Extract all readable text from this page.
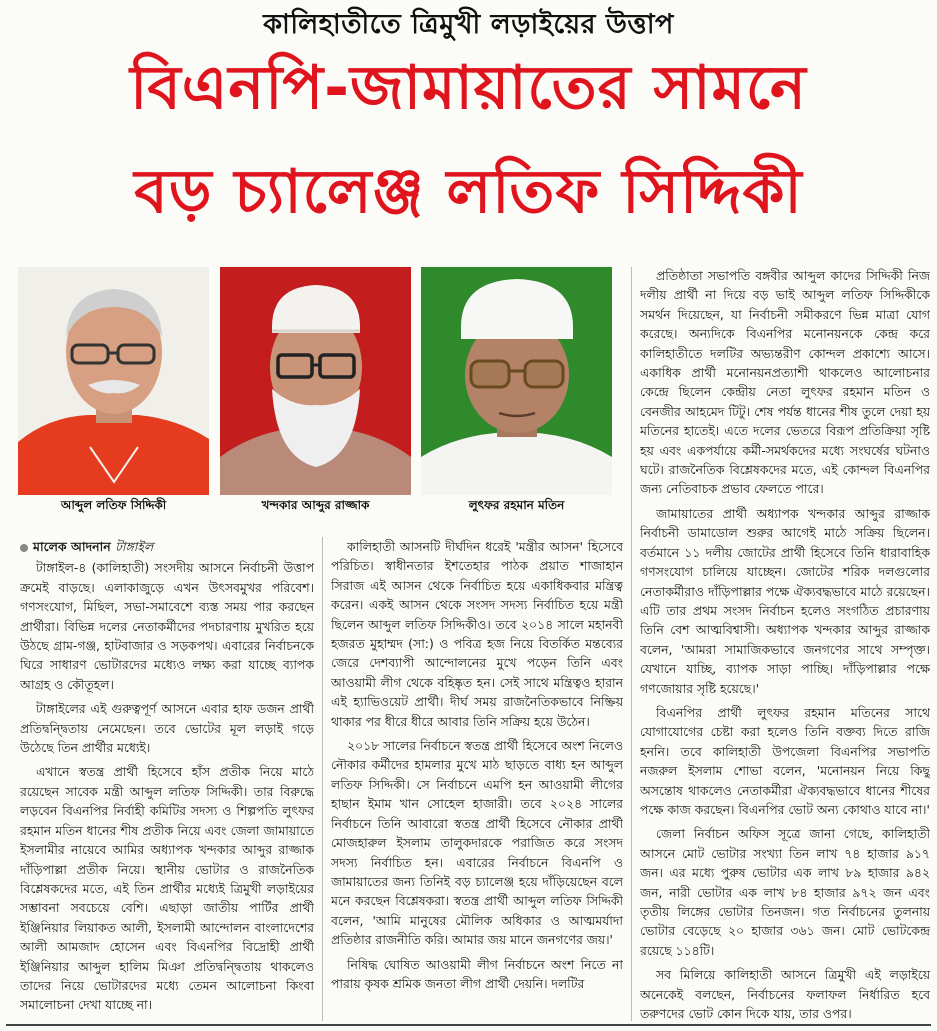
কালিহাতীতে ত্রিমুখী লড়াইয়ের উত্তাপ
বিএনপি-জামায়াতের সামনে
বড় চ্যালেঞ্জ লতিফ সিদ্দিকী
আব্দুল লতিফ সিদ্দিকী	খন্দকার আব্দুর রাজ্জাক	লুৎফর রহমান মতিন
মালেক আদনান টাঙ্গাইল

টাঙ্গাইল-৪ (কালিহাতী) সংসদীয় আসনে নির্বাচনী উত্তাপ ক্রমেই বাড়ছে। এলাকাজুড়ে এখন উৎসবমুখর পরিবেশ। গণসংযোগ, মিছিল, সভা-সমাবেশে ব্যস্ত সময় পার করছেন প্রার্থীরা। বিভিন্ন দলের নেতাকর্মীদের পদচারণায় মুখরিত হয়ে উঠছে গ্রাম-গঞ্জ, হাটবাজার ও সড়কপথ। এবারের নির্বাচনকে ঘিরে সাধারণ ভোটারদের মধ্যেও লক্ষ্য করা যাচ্ছে ব্যাপক আগ্রহ ও কৌতূহল।

টাঙ্গাইলের এই গুরুত্বপূর্ণ আসনে এবার হাফ ডজন প্রার্থী প্রতিদ্বন্দ্বিতায় নেমেছেন। তবে ভোটের মূল লড়াই গড়ে উঠেছে তিন প্রার্থীর মধ্যেই।

এখানে স্বতন্ত্র প্রার্থী হিসেবে হাঁস প্রতীক নিয়ে মাঠে রয়েছেন সাবেক মন্ত্রী আব্দুল লতিফ সিদ্দিকী। তার বিরুদ্ধে লড়বেন বিএনপির নির্বাহী কমিটির সদস্য ও শিল্পপতি লুৎফর রহমান মতিন ধানের শীষ প্রতীক নিয়ে এবং জেলা জামায়াতে ইসলামীর নায়েবে আমির অধ্যাপক খন্দকার আব্দুর রাজ্জাক দাঁড়িপাল্লা প্রতীক নিয়ে। স্থানীয় ভোটার ও রাজনৈতিক বিশ্লেষকদের মতে, এই তিন প্রার্থীর মধ্যেই ত্রিমুখী লড়াইয়ের সম্ভাবনা সবচেয়ে বেশি। এছাড়া জাতীয় পার্টির প্রার্থী ইঞ্জিনিয়ার লিয়াকত আলী, ইসলামী আন্দোলন বাংলাদেশের আলী আমজাদ হোসেন এবং বিএনপির বিদ্রোহী প্রার্থী ইঞ্জিনিয়ার আব্দুল হালিম মিঞা প্রতিদ্বন্দ্বিতায় থাকলেও তাদের নিয়ে ভোটারদের মধ্যে তেমন আলোচনা কিংবা সমালোচনা দেখা যাচ্ছে না।

কালিহাতী আসনটি দীর্ঘদিন ধরেই 'মন্ত্রীর আসন' হিসেবে পরিচিত। স্বাধীনতার ইশতেহার পাঠক প্রয়াত শাজাহান সিরাজ এই আসন থেকে নির্বাচিত হয়ে একাধিকবার মন্ত্রিত্ব করেন। একই আসন থেকে সংসদ সদস্য নির্বাচিত হয়ে মন্ত্রী ছিলেন আব্দুল লতিফ সিদ্দিকীও। তবে ২০১৪ সালে মহানবী হজরত মুহাম্মদ (সা:) ও পবিত্র হজ নিয়ে বিতর্কিত মন্তব্যের জেরে দেশব্যাপী আন্দোলনের মুখে পড়েন তিনি এবং আওয়ামী লীগ থেকে বহিষ্কৃত হন। সেই সাথে মন্ত্রিত্বও হারান এই হ্যাভিওয়েট প্রার্থী। দীর্ঘ সময় রাজনৈতিকভাবে নিষ্ক্রিয় থাকার পর ধীরে ধীরে আবার তিনি সক্রিয় হয়ে উঠেন।

২০১৮ সালের নির্বাচনে স্বতন্ত্র প্রার্থী হিসেবে অংশ নিলেও নৌকার কর্মীদের হামলার মুখে মাঠ ছাড়তে বাধ্য হন আব্দুল লতিফ সিদ্দিকী। সে নির্বাচনে এমপি হন আওয়ামী লীগের হাছান ইমাম খান সোহেল হাজারী। তবে ২০২৪ সালের নির্বাচনে তিনি আবারো স্বতন্ত্র প্রার্থী হিসেবে নৌকার প্রার্থী মোজহারুল ইসলাম তালুকদারকে পরাজিত করে সংসদ সদস্য নির্বাচিত হন। এবারের নির্বাচনে বিএনপি ও জামায়াতের জন্য তিনিই বড় চ্যালেঞ্জ হয়ে দাঁড়িয়েছেন বলে মনে করছেন বিশ্লেষকরা। স্বতন্ত্র প্রার্থী আব্দুল লতিফ সিদ্দিকী বলেন, 'আমি মানুষের মৌলিক অধিকার ও আত্মমর্যাদা প্রতিষ্ঠার রাজনীতি করি। আমার জয় মানে জনগণের জয়।'

নিষিদ্ধ ঘোষিত আওয়ামী লীগ নির্বাচনে অংশ নিতে না পারায় কৃষক শ্রমিক জনতা লীগ প্রার্থী দেয়নি। দলটির

প্রতিষ্ঠাতা সভাপতি বঙ্গবীর আব্দুল কাদের সিদ্দিকী নিজ দলীয় প্রার্থী না দিয়ে বড় ভাই আব্দুল লতিফ সিদ্দিকীকে সমর্থন দিয়েছেন, যা নির্বাচনী সমীকরণে ভিন্ন মাত্রা যোগ করেছে। অন্যদিকে বিএনপির মনোনয়নকে কেন্দ্র করে কালিহাতীতে দলটির অভ্যন্তরীণ কোন্দল প্রকাশ্যে আসে। একাধিক প্রার্থী মনোনয়নপ্রত্যাশী থাকলেও আলোচনার কেন্দ্রে ছিলেন কেন্দ্রীয় নেতা লুৎফর রহমান মতিন ও বেনজীর আহমেদ টিটু। শেষ পর্যন্ত ধানের শীষ তুলে দেয়া হয় মতিনের হাতেই। এতে দলের ভেতরে বিরূপ প্রতিক্রিয়া সৃষ্টি হয় এবং একপর্যায়ে কর্মী-সমর্থকদের মধ্যে সংঘর্ষের ঘটনাও ঘটে। রাজনৈতিক বিশ্লেষকদের মতে, এই কোন্দল বিএনপির জন্য নেতিবাচক প্রভাব ফেলতে পারে।

জামায়াতের প্রার্থী অধ্যাপক খন্দকার আব্দুর রাজ্জাক নির্বাচনী ডামাডোল শুরুর আগেই মাঠে সক্রিয় ছিলেন। বর্তমানে ১১ দলীয় জোটের প্রার্থী হিসেবে তিনি ধারাবাহিক গণসংযোগ চালিয়ে যাচ্ছেন। জোটের শরিক দলগুলোর নেতাকর্মীরাও দাঁড়িপাল্লার পক্ষে ঐক্যবদ্ধভাবে মাঠে রয়েছেন। এটি তার প্রথম সংসদ নির্বাচন হলেও সংগঠিত প্রচারণায় তিনি বেশ আত্মবিশ্বাসী। অধ্যাপক খন্দকার আব্দুর রাজ্জাক বলেন, 'আমরা সামাজিকভাবে জনগণের সাথে সম্পৃক্ত। যেখানে যাচ্ছি, ব্যাপক সাড়া পাচ্ছি। দাঁড়িপাল্লার পক্ষে গণজোয়ার সৃষ্টি হয়েছে।'

বিএনপির প্রার্থী লুৎফর রহমান মতিনের সাথে যোগাযোগের চেষ্টা করা হলেও তিনি বক্তব্য দিতে রাজি হননি। তবে কালিহাতী উপজেলা বিএনপির সভাপতি নজরুল ইসলাম শোভা বলেন, 'মনোনয়ন নিয়ে কিছু অসন্তোষ থাকলেও নেতাকর্মীরা ঐক্যবদ্ধভাবে ধানের শীষের পক্ষে কাজ করছেন। বিএনপির ভোট অন্য কোথাও যাবে না।'

জেলা নির্বাচন অফিস সূত্রে জানা গেছে, কালিহাতী আসনে মোট ভোটার সংখ্যা তিন লাখ ৭৪ হাজার ৯১৭ জন। এর মধ্যে পুরুষ ভোটার এক লাখ ৮৯ হাজার ৯৪২ জন, নারী ভোটার এক লাখ ৮৪ হাজার ৯৭২ জন এবং তৃতীয় লিঙ্গের ভোটার তিনজন। গত নির্বাচনের তুলনায় ভোটার বেড়েছে ২০ হাজার ৩৬১ জন। মোট ভোটকেন্দ্র রয়েছে ১১৪টি।

সব মিলিয়ে কালিহাতী আসনে ত্রিমুখী এই লড়াইয়ে অনেকেই বলছেন, নির্বাচনের ফলাফল নির্ধারিত হবে তরুণদের ভোট কোন দিকে যায়, তার ওপর।
